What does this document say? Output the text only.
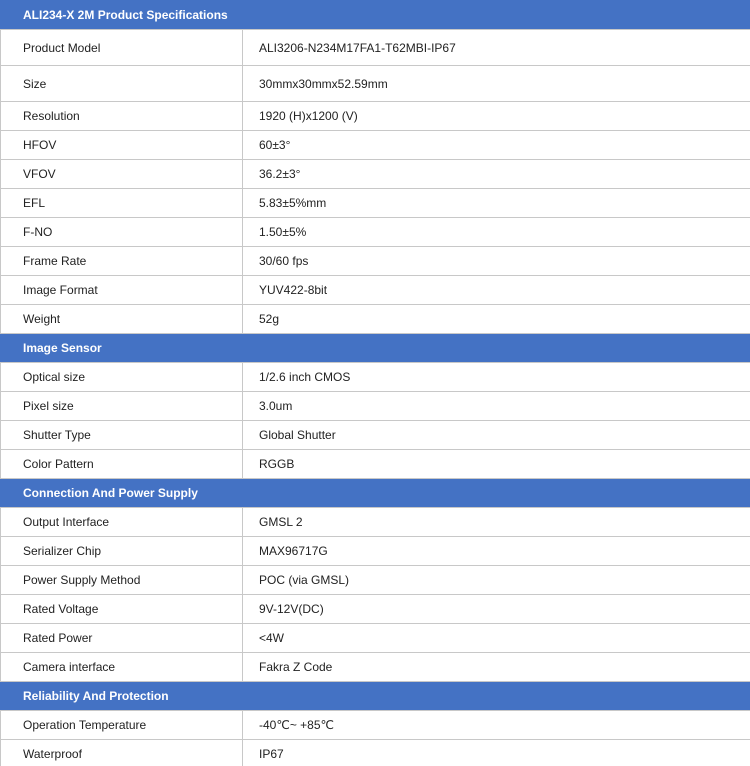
ALI234-X 2M Product Specifications	
Product Model	ALI3206-N234M17FA1-T62MBI-IP67
Size	30mmx30mmx52.59mm
Resolution	1920 (H)x1200 (V)
HFOV	60±3°
VFOV	36.2±3°
EFL	5.83±5%mm
F-NO	1.50±5%
Frame Rate	30/60 fps
Image Format	YUV422-8bit
Weight	52g
Image Sensor	
Optical size	1/2.6 inch CMOS
Pixel size	3.0um
Shutter Type	Global Shutter
Color Pattern	RGGB
Connection And Power Supply	
Output Interface	GMSL 2
Serializer Chip	MAX96717G
Power Supply Method	POC (via GMSL)
Rated Voltage	9V-12V(DC)
Rated Power	<4W
Camera interface	Fakra Z Code
Reliability And Protection	
Operation Temperature	-40℃~ +85℃
Waterproof	IP67
